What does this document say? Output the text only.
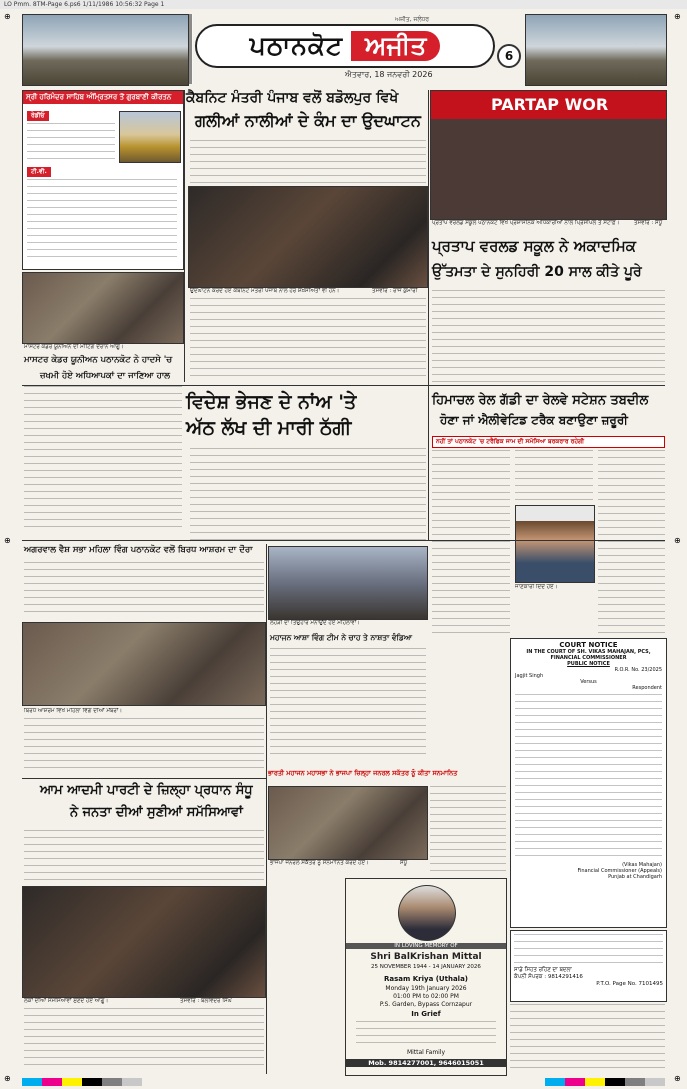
LO Pmm. 8TM-Page 6.ps6 1/11/1986 10:56:32 Page 1
ਪਠਾਨਕੋਟ ਅਜੀਤ
ਅਜੀਤ, ਜਲੰਧਰ
ਐਤਵਾਰ, 18 ਜਨਵਰੀ 2026
6
ਸ੍ਰੀ ਹਰਿਮੰਦਰ ਸਾਹਿਬ ਅੰਮ੍ਰਿਤਸਰ ਤੋਂ ਗੁਰਬਾਣੀ ਕੀਰਤਨ
ਰੇਡੀਓ
ਟੀ.ਵੀ.
ਕੈਬਨਿਟ ਮੰਤਰੀ ਪੰਜਾਬ ਵਲੋਂ ਬਡੋਲਪੁਰ ਵਿਖੇ
ਗਲੀਆਂ ਨਾਲੀਆਂ ਦੇ ਕੰਮ ਦਾ ਉਦਘਾਟਨ
ਉਦਘਾਟਨ ਕਰਦੇ ਹੋਏ ਕੈਬਨਿਟ ਮੰਤਰੀ ਪੰਜਾਬ ਨਾਲ ਹੋਰ ਸ਼ਖ਼ਸੀਅਤਾਂ ਵੀ ਹਨ।	ਤਸਵੀਰ : ਰਾਜ ਕੁਮਾਰੀ
PARTAP WOR
ਪ੍ਰਤਾਪ ਵਰਲਡ ਸਕੂਲ ਪਠਾਨਕੋਟ ਵਿਖੇ ਪ੍ਰਸ਼ਾਸਨਿਕ ਅਧਿਕਾਰੀਆਂ ਨਾਲ ਪ੍ਰਿੰਸੀਪਲ ਤੇ ਸਟਾਫ਼।	ਤਸਵੀਰ : ਸੰਧੂ
ਪ੍ਰਤਾਪ ਵਰਲਡ ਸਕੂਲ ਨੇ ਅਕਾਦਮਿਕ
ਉੱਤਮਤਾ ਦੇ ਸੁਨਹਿਰੀ 20 ਸਾਲ ਕੀਤੇ ਪੂਰੇ
ਮਾਸਟਰ ਕੇਡਰ ਯੂਨੀਅਨ ਦੀ ਮੀਟਿੰਗ ਦੌਰਾਨ ਆਗੂ।
ਮਾਸਟਰ ਕੇਡਰ ਯੂਨੀਅਨ ਪਠਾਨਕੋਟ ਨੇ ਹਾਦਸੇ 'ਚ
ਜ਼ਖਮੀ ਹੋਏ ਅਧਿਆਪਕਾਂ ਦਾ ਜਾਣਿਆ ਹਾਲ
ਵਿਦੇਸ਼ ਭੇਜਣ ਦੇ ਨਾਂਅ 'ਤੇ
ਅੱਠ ਲੱਖ ਦੀ ਮਾਰੀ ਠੱਗੀ
ਹਿਮਾਚਲ ਰੇਲ ਗੱਡੀ ਦਾ ਰੇਲਵੇ ਸਟੇਸ਼ਨ ਤਬਦੀਲ
ਹੋਣਾ ਜਾਂ ਐਲੀਵੇਟਿਡ ਟਰੈਕ ਬਣਾਉਣਾ ਜ਼ਰੂਰੀ
ਨਹੀਂ ਤਾਂ ਪਠਾਨਕੋਟ 'ਚ ਟਰੈਫਿਕ ਜਾਮ ਦੀ ਸਮੱਸਿਆ ਬਰਕਰਾਰ ਰਹੇਗੀ
ਜਾਣਕਾਰੀ ਦਿੰਦੇ ਹੋਏ।
ਅਗਰਵਾਲ ਵੈਸ਼ ਸਭਾ ਮਹਿਲਾ ਵਿੰਗ ਪਠਾਨਕੋਟ ਵਲੋਂ ਬਿਰਧ ਆਸ਼ਰਮ ਦਾ ਦੌਰਾ
ਬਿਰਧ ਆਸ਼ਰਮ ਵਿਖੇ ਮਹਿਲਾ ਵਿੰਗ ਦੀਆਂ ਮੈਂਬਰਾਂ।
ਲੋਹੜੀ ਦਾ ਤਿਉਹਾਰ ਮਨਾਉਂਦੇ ਹੋਏ ਮਹਿਲਾਵਾਂ।
ਮਹਾਜਨ ਆਸ਼ਾ ਵਿੰਗ ਟੀਮ ਨੇ ਚਾਹ ਤੇ ਨਾਸ਼ਤਾ ਵੰਡਿਆ
COURT NOTICE
IN THE COURT OF SH. VIKAS MAHAJAN, PCS, FINANCIAL COMMISSIONER
PUBLIC NOTICE
R.O.R. No. 23/2025
Jagjit Singh
Versus
Respondent
(Vikas Mahajan)
Financial Commissioner (Appeals)
Punjab at Chandigarh
ਭਾਰਤੀ ਮਹਾਜਨ ਮਹਾਸਭਾ ਨੇ ਭਾਜਪਾ ਜ਼ਿਲ੍ਹਾ ਜਨਰਲ ਸਕੱਤਰ ਨੂੰ ਕੀਤਾ ਸਨਮਾਨਿਤ
ਭਾਜਪਾ ਜਨਰਲ ਸਕੱਤਰ ਨੂੰ ਸਨਮਾਨਿਤ ਕਰਦੇ ਹੋਏ।	ਸੰਧੂ
ਆਮ ਆਦਮੀ ਪਾਰਟੀ ਦੇ ਜ਼ਿਲ੍ਹਾ ਪ੍ਰਧਾਨ ਸੰਧੂ
ਨੇ ਜਨਤਾ ਦੀਆਂ ਸੁਣੀਆਂ ਸਮੱਸਿਆਵਾਂ
ਲੋਕਾਂ ਦੀਆਂ ਸਮੱਸਿਆਵਾਂ ਸੁਣਦੇ ਹੋਏ ਆਗੂ।	ਤਸਵੀਰ : ਬਲਵਿੰਦਰ ਸਿੰਘ
IN LOVING MEMORY OF
Shri BalKrishan Mittal
25 NOVEMBER 1944 - 14 JANUARY 2026
Rasam Kriya (Uthala)
Monday 19th January 2026
01:00 PM to 02:00 PM
P.S. Garden, Bypass Cornzapur
In Grief
Mittal Family
Mob. 9814277001, 9646015051
ਸਾਡੇ ਸਿਹਤ ਰਹਿਣ ਦਾ ਬਦਲਾ
ਕੰਪਨੀ ਸੰਪਰਕ : 9814291416
P.T.O. Page No. 7101495
⊕	⊕
⊕	⊕
⊕	⊕
